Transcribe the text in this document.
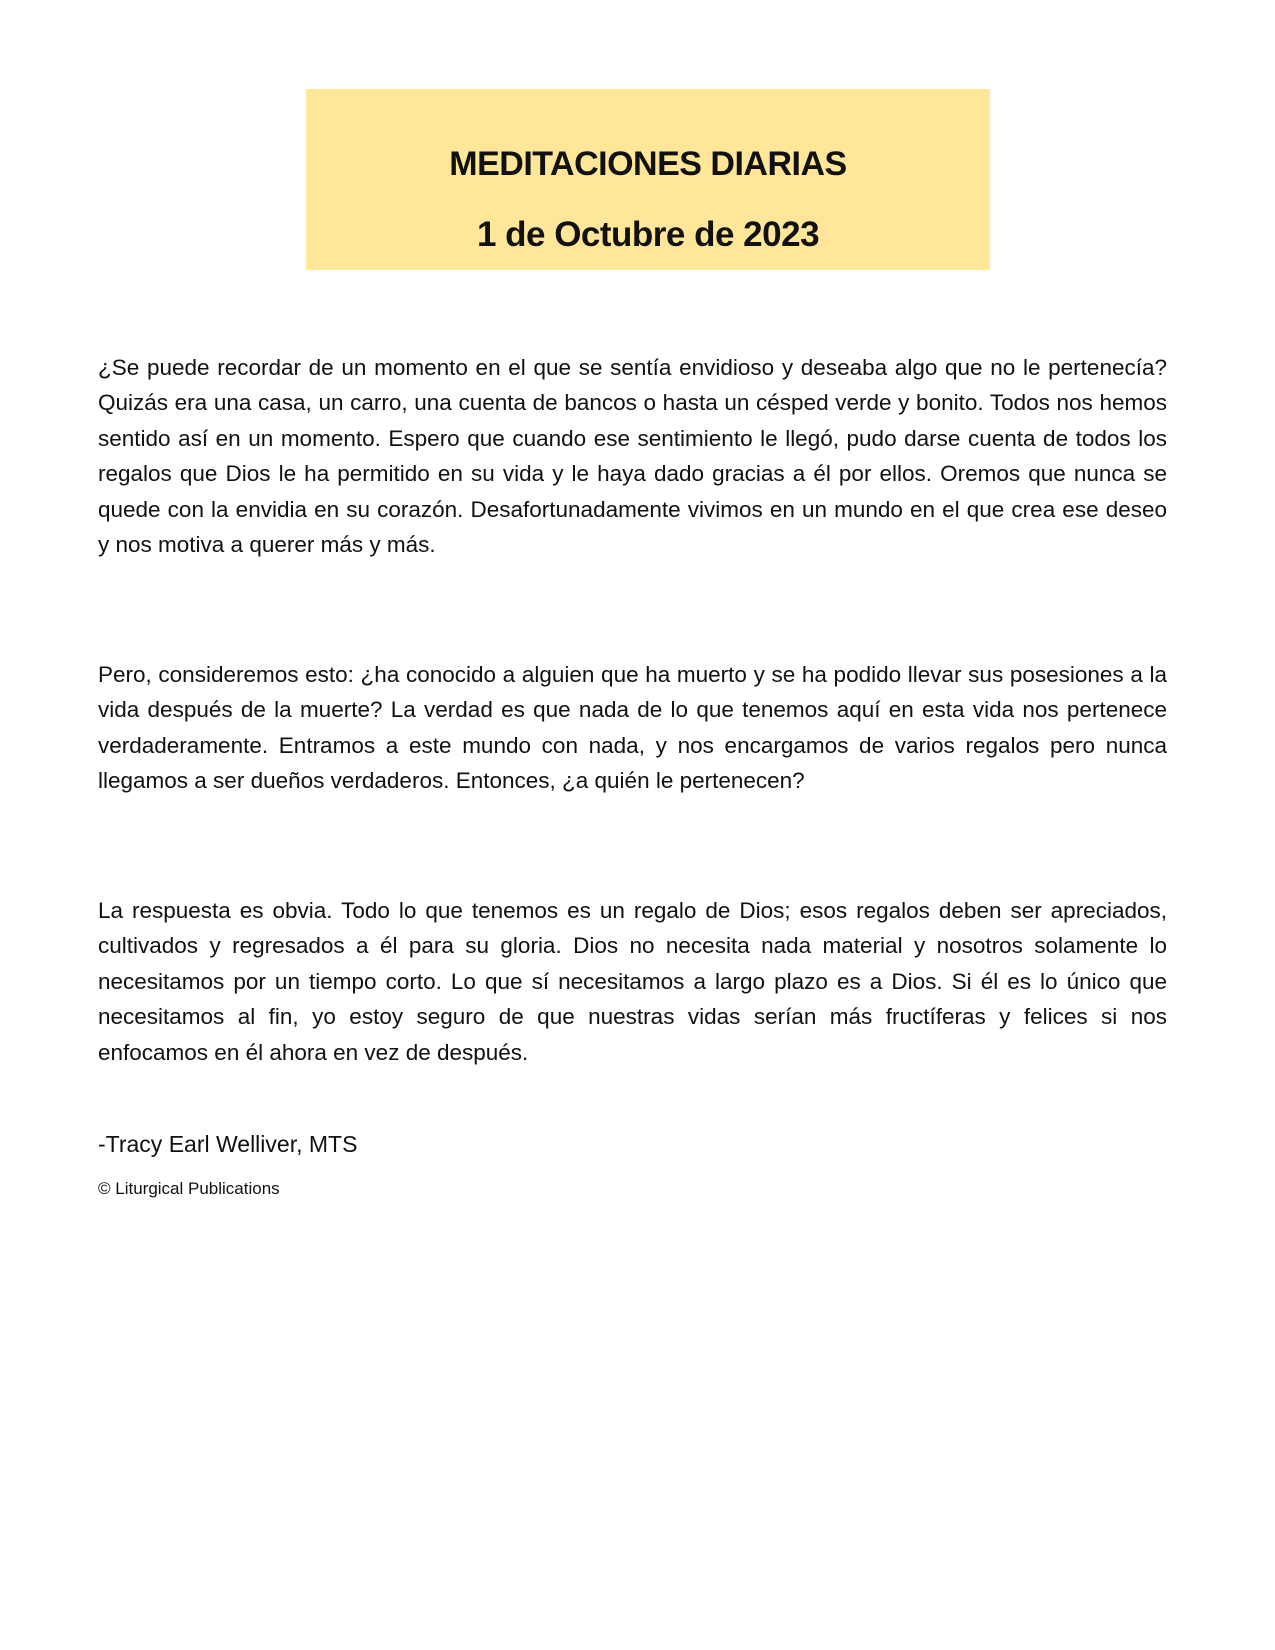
MEDITACIONES DIARIAS
1 de Octubre de 2023

¿Se puede recordar de un momento en el que se sentía envidioso y deseaba algo que no le pertenecía? Quizás era una casa, un carro, una cuenta de bancos o hasta un césped verde y bonito. Todos nos hemos sentido así en un momento. Espero que cuando ese sentimiento le llegó, pudo darse cuenta de todos los regalos que Dios le ha permitido en su vida y le haya dado gracias a él por ellos. Oremos que nunca se quede con la envidia en su corazón. Desafortunadamente vivimos en un mundo en el que crea ese deseo y nos motiva a querer más y más.

Pero, consideremos esto: ¿ha conocido a alguien que ha muerto y se ha podido llevar sus posesiones a la vida después de la muerte? La verdad es que nada de lo que tenemos aquí en esta vida nos pertenece verdaderamente. Entramos a este mundo con nada, y nos encargamos de varios regalos pero nunca llegamos a ser dueños verdaderos. Entonces, ¿a quién le pertenecen?

La respuesta es obvia. Todo lo que tenemos es un regalo de Dios; esos regalos deben ser apreciados, cultivados y regresados a él para su gloria. Dios no necesita nada material y nosotros solamente lo necesitamos por un tiempo corto. Lo que sí necesitamos a largo plazo es a Dios. Si él es lo único que necesitamos al fin, yo estoy seguro de que nuestras vidas serían más fructíferas y felices si nos enfocamos en él ahora en vez de después.

-Tracy Earl Welliver, MTS

© Liturgical Publications
